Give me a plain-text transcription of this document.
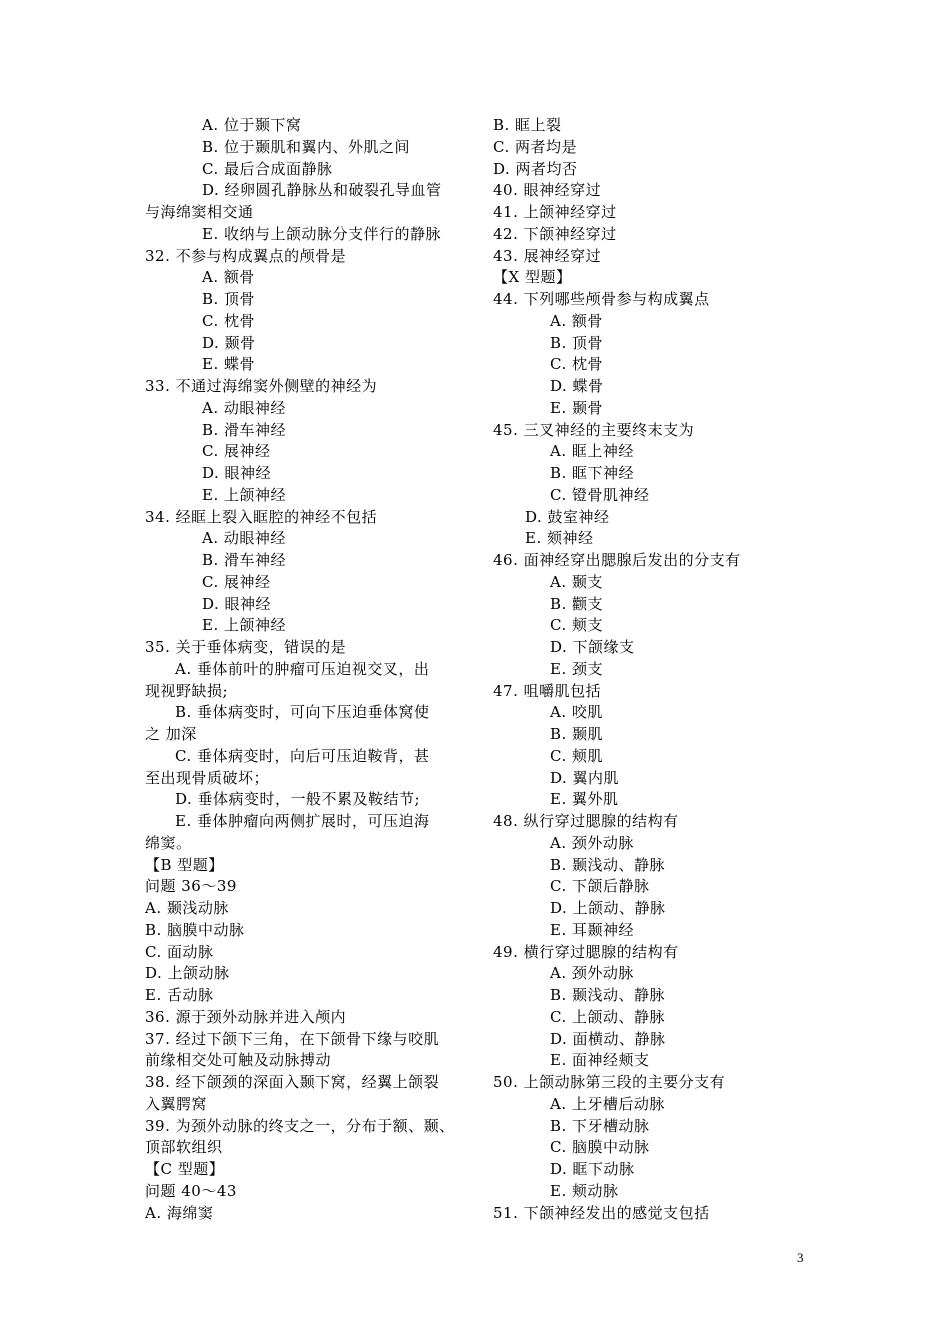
A. 位于颞下窝
B. 位于颞肌和翼内、外肌之间
C. 最后合成面静脉
D. 经卵圆孔静脉丛和破裂孔导血管
与海绵窦相交通
E. 收纳与上颌动脉分支伴行的静脉
32. 不参与构成翼点的颅骨是
A. 额骨
B. 顶骨
C. 枕骨
D. 颞骨
E. 蝶骨
33. 不通过海绵窦外侧壁的神经为
A. 动眼神经
B. 滑车神经
C. 展神经
D. 眼神经
E. 上颌神经
34. 经眶上裂入眶腔的神经不包括
A. 动眼神经
B. 滑车神经
C. 展神经
D. 眼神经
E. 上颌神经
35. 关于垂体病变，错误的是
A. 垂体前叶的肿瘤可压迫视交叉，出
现视野缺损;
B. 垂体病变时，可向下压迫垂体窝使
之 加深
C. 垂体病变时，向后可压迫鞍背，甚
至出现骨质破坏；
D. 垂体病变时，一般不累及鞍结节;
E. 垂体肿瘤向两侧扩展时，可压迫海
绵窦。
【B 型题】
问题 36～39
A. 颞浅动脉
B. 脑膜中动脉
C. 面动脉
D. 上颌动脉
E. 舌动脉
36. 源于颈外动脉并进入颅内
37. 经过下颌下三角，在下颌骨下缘与咬肌
前缘相交处可触及动脉搏动
38. 经下颌颈的深面入颞下窝，经翼上颌裂
入翼腭窝
39. 为颈外动脉的终支之一，分布于额、颞、
顶部软组织
【C 型题】
问题 40～43
A. 海绵窦
B. 眶上裂
C. 两者均是
D. 两者均否
40. 眼神经穿过
41. 上颌神经穿过
42. 下颌神经穿过
43. 展神经穿过
【X 型题】
44. 下列哪些颅骨参与构成翼点
A. 额骨
B. 顶骨
C. 枕骨
D. 蝶骨
E. 颞骨
45. 三叉神经的主要终末支为
A. 眶上神经
B. 眶下神经
C. 镫骨肌神经
D. 鼓室神经
E. 颏神经
46. 面神经穿出腮腺后发出的分支有
A. 颞支
B. 颧支
C. 颊支
D. 下颌缘支
E. 颈支
47. 咀嚼肌包括
A. 咬肌
B. 颞肌
C. 颊肌
D. 翼内肌
E. 翼外肌
48. 纵行穿过腮腺的结构有
A. 颈外动脉
B. 颞浅动、静脉
C. 下颌后静脉
D. 上颌动、静脉
E. 耳颞神经
49. 横行穿过腮腺的结构有
A. 颈外动脉
B. 颞浅动、静脉
C. 上颌动、静脉
D. 面横动、静脉
E. 面神经颊支
50. 上颌动脉第三段的主要分支有
A. 上牙槽后动脉
B. 下牙槽动脉
C. 脑膜中动脉
D. 眶下动脉
E. 颊动脉
51. 下颌神经发出的感觉支包括
3
